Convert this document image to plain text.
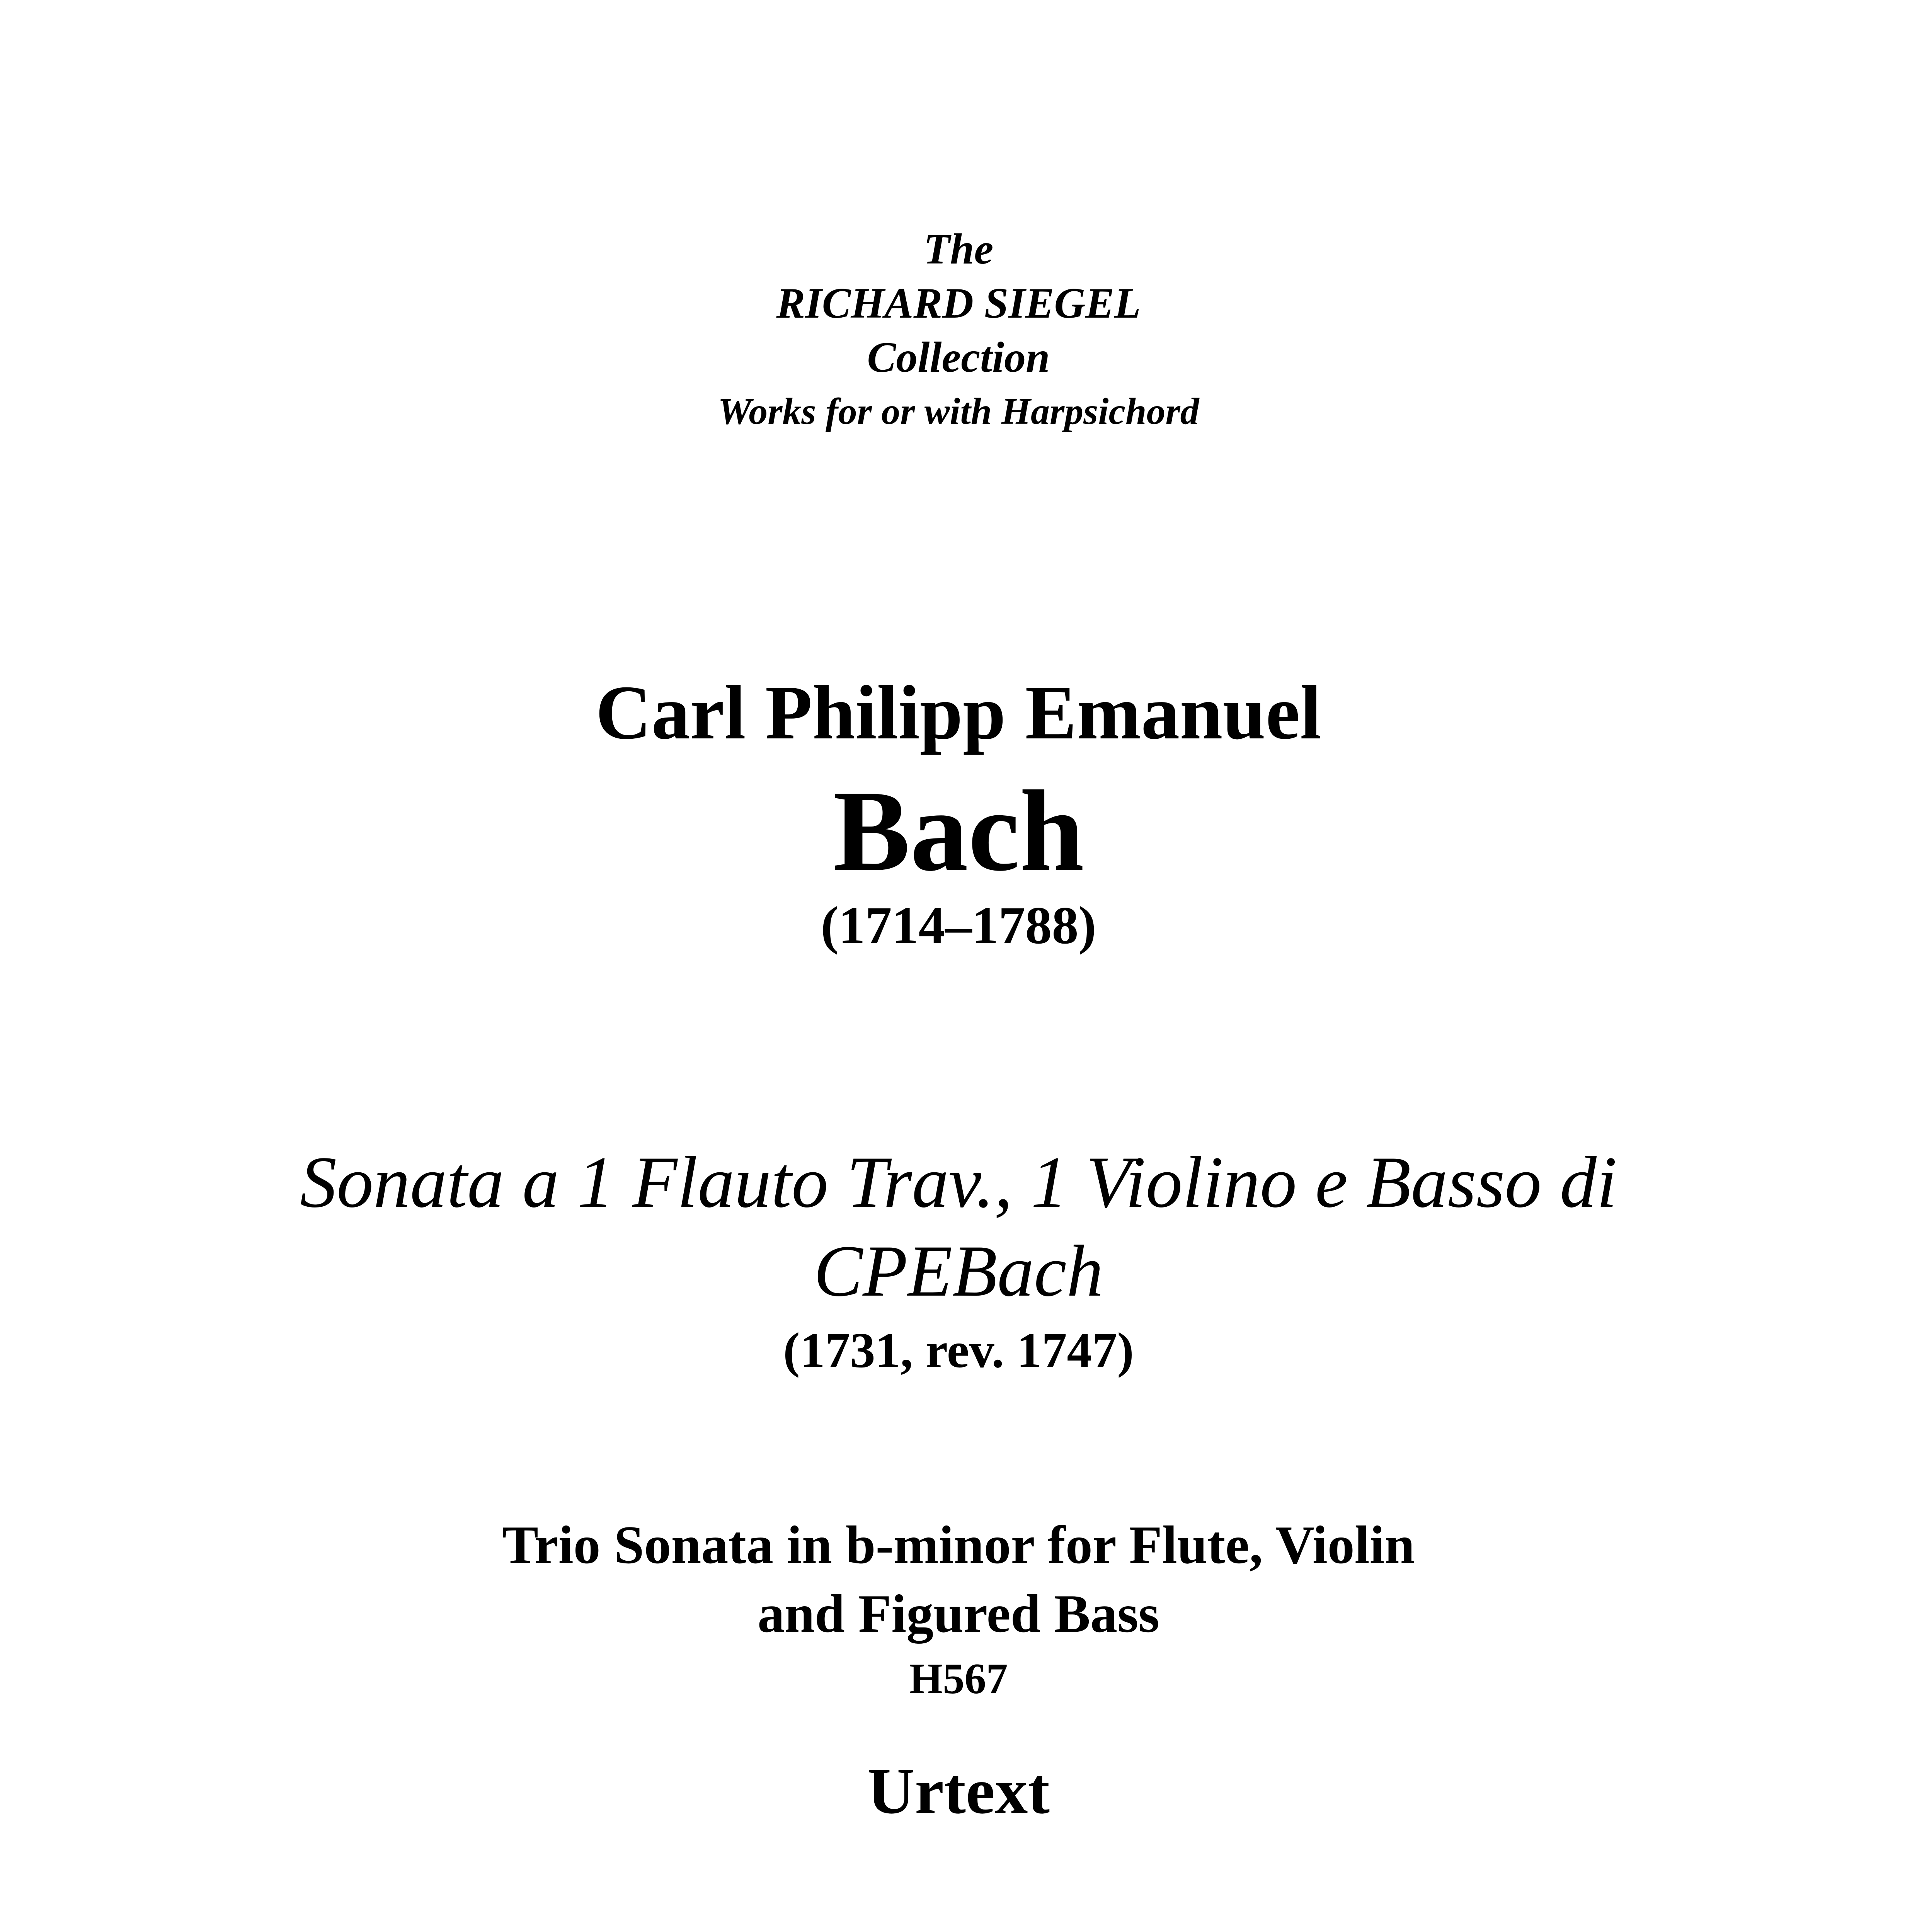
The
RICHARD SIEGEL
Collection
Works for or with Harpsichord
Carl Philipp Emanuel
Bach
(1714–1788)
Sonata a 1 Flauto Trav., 1 Violino e Basso di
CPEBach
(1731, rev. 1747)
Trio Sonata in b-minor for Flute, Violin
and Figured Bass
H567
Urtext
